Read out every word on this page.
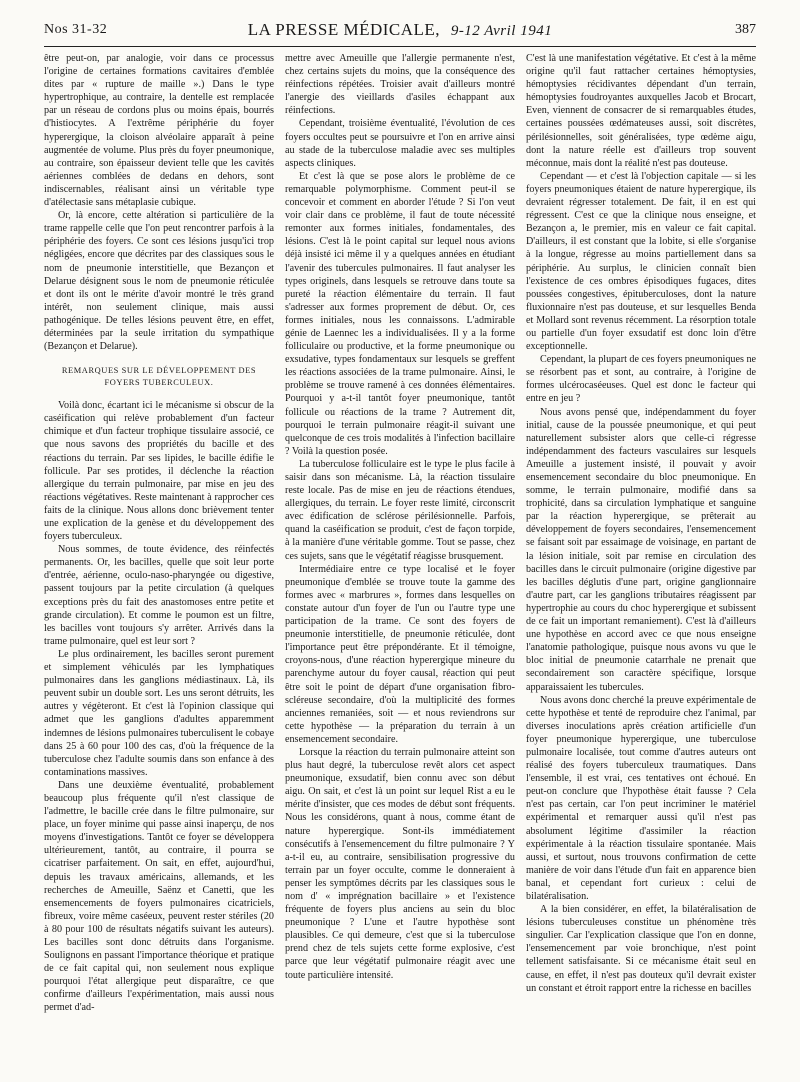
Nos 31-32	LA PRESSE MÉDICALE, 9-12 Avril 1941	387

être peut-on, par analogie, voir dans ce processus l'origine de certaines formations cavitaires d'emblée dites par « rupture de maille ».) Dans le type hypertrophique, au contraire, la dentelle est remplacée par un réseau de cordons plus ou moins épais, bourrés d'histiocytes. A l'extrême périphérie du foyer hyperergique, la cloison alvéolaire apparaît à peine augmentée de volume. Plus près du foyer pneumonique, au contraire, son épaisseur devient telle que les cavités aériennes comblées de dedans en dehors, sont indiscernables, réalisant ainsi un véritable type d'atélectasie sans métaplasie cubique.

Or, là encore, cette altération si particulière de la trame rappelle celle que l'on peut rencontrer parfois à la périphérie des foyers. Ce sont ces lésions jusqu'ici trop négligées, encore que décrites par des classiques sous le nom de pneumonie interstitielle, que Bezançon et Delarue désignent sous le nom de pneumonie réticulée et dont ils ont le mérite d'avoir montré le très grand intérêt, non seulement clinique, mais aussi pathogénique. De telles lésions peuvent être, en effet, déterminées par la seule irritation du sympathique (Bezançon et Delarue).

REMARQUES SUR LE DÉVELOPPEMENT DES FOYERS TUBERCULEUX.

Voilà donc, écartant ici le mécanisme si obscur de la caséification qui relève probablement d'un facteur chimique et d'un facteur trophique tissulaire associé, ce que nous savons des propriétés du bacille et des réactions du terrain. Par ses lipides, le bacille édifie le follicule. Par ses protides, il déclenche la réaction allergique du terrain pulmonaire, par mise en jeu des réactions végétatives. Reste maintenant à rapprocher ces faits de la clinique. Nous allons donc brièvement tenter une explication de la genèse et du développement des foyers tuberculeux.

Nous sommes, de toute évidence, des réinfectés permanents. Or, les bacilles, quelle que soit leur porte d'entrée, aérienne, oculo-naso-pharyngée ou digestive, passent toujours par la petite circulation (à quelques exceptions près du fait des anastomoses entre petite et grande circulation). Et comme le poumon est un filtre, les bacilles vont toujours s'y arrêter. Arrivés dans la trame pulmonaire, quel est leur sort ?

Le plus ordinairement, les bacilles seront purement et simplement véhiculés par les lymphatiques pulmonaires dans les ganglions médiastinaux. Là, ils peuvent subir un double sort. Les uns seront détruits, les autres y végèteront. Et c'est là l'opinion classique qui admet que les ganglions d'adultes apparemment indemnes de lésions pulmonaires tuberculisent le cobaye dans 25 à 60 pour 100 des cas, d'où la fréquence de la tuberculose chez l'adulte soumis dans son enfance à des contaminations massives.

Dans une deuxième éventualité, probablement beaucoup plus fréquente qu'il n'est classique de l'admettre, le bacille crée dans le filtre pulmonaire, sur place, un foyer minime qui passe ainsi inaperçu, de nos moyens d'investigations. Tantôt ce foyer se développera ultérieurement, tantôt, au contraire, il pourra se cicatriser parfaitement. On sait, en effet, aujourd'hui, depuis les travaux américains, allemands, et les recherches de Ameuille, Saënz et Canetti, que les ensemencements de foyers pulmonaires cicatriciels, fibreux, voire même caséeux, peuvent rester stériles (20 à 80 pour 100 de résultats négatifs suivant les auteurs). Les bacilles sont donc détruits dans l'organisme. Soulignons en passant l'importance théorique et pratique de ce fait capital qui, non seulement nous explique pourquoi l'état allergique peut disparaître, ce que confirme d'ailleurs l'expérimentation, mais aussi nous permet d'ad-

mettre avec Ameuille que l'allergie permanente n'est, chez certains sujets du moins, que la conséquence des réinfections répétées. Troisier avait d'ailleurs montré l'anergie des vieillards d'asiles échappant aux réinfections.

Cependant, troisième éventualité, l'évolution de ces foyers occultes peut se poursuivre et l'on en arrive ainsi au stade de la tuberculose maladie avec ses multiples aspects cliniques.

Et c'est là que se pose alors le problème de ce remarquable polymorphisme. Comment peut-il se concevoir et comment en aborder l'étude ? Si l'on veut voir clair dans ce problème, il faut de toute nécessité remonter aux formes initiales, fondamentales, des lésions. C'est là le point capital sur lequel nous avions déjà insisté ici même il y a quelques années en étudiant l'avenir des tubercules pulmonaires. Il faut analyser les types originels, dans lesquels se retrouve dans toute sa pureté la réaction élémentaire du terrain. Il faut s'adresser aux formes proprement de début. Or, ces formes initiales, nous les connaissons. L'admirable génie de Laennec les a individualisées. Il y a la forme folliculaire ou productive, et la forme pneumonique ou exsudative, types fondamentaux sur lesquels se greffent les réactions associées de la trame pulmonaire. Ainsi, le problème se trouve ramené à ces données élémentaires. Pourquoi y a-t-il tantôt foyer pneumonique, tantôt follicule ou réactions de la trame ? Autrement dit, pourquoi le terrain pulmonaire réagit-il suivant une quelconque de ces trois modalités à l'infection bacillaire ? Voilà la question posée.

La tuberculose folliculaire est le type le plus facile à saisir dans son mécanisme. Là, la réaction tissulaire reste locale. Pas de mise en jeu de réactions étendues, allergiques, du terrain. Le foyer reste limité, circonscrit avec édification de sclérose périlésionnelle. Parfois, quand la caséification se produit, c'est de façon torpide, à la manière d'une véritable gomme. Tout se passe, chez ces sujets, sans que le végétatif réagisse brusquement.

Intermédiaire entre ce type localisé et le foyer pneumonique d'emblée se trouve toute la gamme des formes avec « marbrures », formes dans lesquelles on constate autour d'un foyer de l'un ou l'autre type une participation de la trame. Ce sont des foyers de pneumonie interstitielle, de pneumonie réticulée, dont l'importance peut être prépondérante. Et il témoigne, croyons-nous, d'une réaction hyperergique mineure du parenchyme autour du foyer causal, réaction qui peut être soit le point de départ d'une organisation fibro-scléreuse secondaire, d'où la multiplicité des formes anciennes remaniées, soit — et nous reviendrons sur cette hypothèse — la préparation du terrain à un ensemencement secondaire.

Lorsque la réaction du terrain pulmonaire atteint son plus haut degré, la tuberculose revêt alors cet aspect pneumonique, exsudatif, bien connu avec son début aigu. On sait, et c'est là un point sur lequel Rist a eu le mérite d'insister, que ces modes de début sont fréquents. Nous les considérons, quant à nous, comme étant de nature hyperergique. Sont-ils immédiatement consécutifs à l'ensemencement du filtre pulmonaire ? Y a-t-il eu, au contraire, sensibilisation progressive du terrain par un foyer occulte, comme le donneraient à penser les symptômes décrits par les classiques sous le nom d' « imprégnation bacillaire » et l'existence fréquente de foyers plus anciens au sein du bloc pneumonique ? L'une et l'autre hypothèse sont plausibles. Ce qui demeure, c'est que si la tuberculose prend chez de tels sujets cette forme explosive, c'est parce que leur végétatif pulmonaire réagit avec une toute particulière intensité.

C'est là une manifestation végétative. Et c'est à la même origine qu'il faut rattacher certaines hémoptysies, hémoptysies récidivantes dépendant d'un terrain, hémoptysies foudroyantes auxquelles Jacob et Brocart, Even, viennent de consacrer de si remarquables études, certaines poussées œdémateuses aussi, soit discrètes, périlésionnelles, soit généralisées, type œdème aigu, dont la nature réelle est d'ailleurs trop souvent méconnue, mais dont la réalité n'est pas douteuse.

Cependant — et c'est là l'objection capitale — si les foyers pneumoniques étaient de nature hyperergique, ils devraient régresser totalement. De fait, il en est qui régressent. C'est ce que la clinique nous enseigne, et Bezançon a, le premier, mis en valeur ce fait capital. D'ailleurs, il est constant que la lobite, si elle s'organise à la longue, régresse au moins partiellement dans sa périphérie. Au surplus, le clinicien connaît bien l'existence de ces ombres épisodiques fugaces, dites poussées congestives, épituberculoses, dont la nature fluxionnaire n'est pas douteuse, et sur lesquelles Benda et Mollard sont revenus récemment. La résorption totale ou partielle d'un foyer exsudatif est donc loin d'être exceptionnelle.

Cependant, la plupart de ces foyers pneumoniques ne se résorbent pas et sont, au contraire, à l'origine de formes ulcérocaséeuses. Quel est donc le facteur qui entre en jeu ?

Nous avons pensé que, indépendamment du foyer initial, cause de la poussée pneumonique, et qui peut naturellement subsister alors que celle-ci régresse indépendamment des facteurs vasculaires sur lesquels Ameuille a justement insisté, il pouvait y avoir ensemencement secondaire du bloc pneumonique. En somme, le terrain pulmonaire, modifié dans sa trophicité, dans sa circulation lymphatique et sanguine par la réaction hyperergique, se prêterait au développement de foyers secondaires, l'ensemencement se faisant soit par essaimage de voisinage, en partant de la lésion initiale, soit par remise en circulation des bacilles dans le circuit pulmonaire (origine digestive par les bacilles déglutis d'une part, origine ganglionnaire d'autre part, car les ganglions tributaires réagissent par hypertrophie au cours du choc hyperergique et subissent de ce fait un important remaniement). C'est là d'ailleurs une hypothèse en accord avec ce que nous enseigne l'anatomie pathologique, puisque nous avons vu que le bloc initial de pneumonie catarrhale ne prenait que secondairement son caractère spécifique, lorsque apparaissaient les tubercules.

Nous avons donc cherché la preuve expérimentale de cette hypothèse et tenté de reproduire chez l'animal, par diverses inoculations après création artificielle d'un foyer pneumonique hyperergique, une tuberculose pulmonaire localisée, tout comme d'autres auteurs ont réalisé des foyers tuberculeux traumatiques. Dans l'ensemble, il est vrai, ces tentatives ont échoué. En peut-on conclure que l'hypothèse était fausse ? Cela n'est pas certain, car l'on peut incriminer le matériel expérimental et remarquer aussi qu'il n'est pas absolument légitime d'assimiler la réaction expérimentale à la réaction tissulaire spontanée. Mais aussi, et surtout, nous trouvons confirmation de cette manière de voir dans l'étude d'un fait en apparence bien banal, et cependant fort curieux : celui de bilatéralisation.

A la bien considérer, en effet, la bilatéralisation de lésions tuberculeuses constitue un phénomène très singulier. Car l'explication classique que l'on en donne, l'ensemencement par voie bronchique, n'est point tellement satisfaisante. Si ce mécanisme était seul en cause, en effet, il n'est pas douteux qu'il devrait exister un constant et étroit rapport entre la richesse en bacilles
